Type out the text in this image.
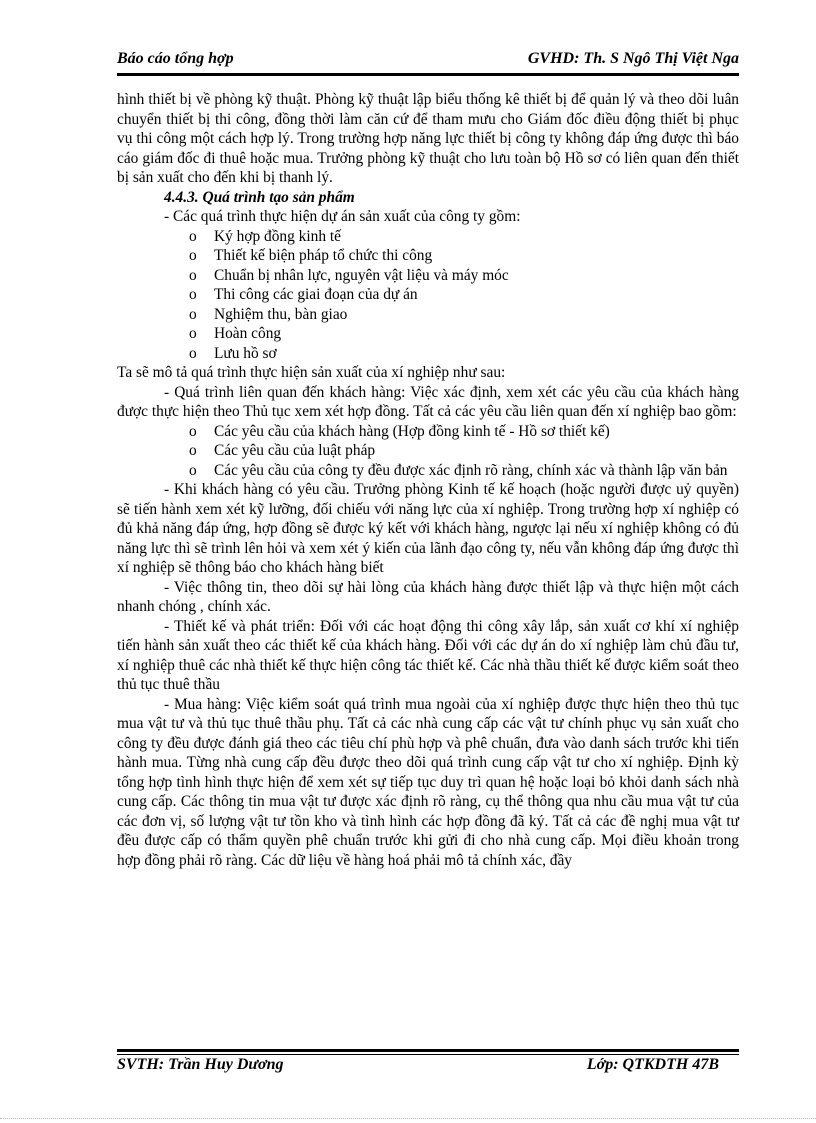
Báo cáo tổng hợp	GVHD: Th. S Ngô Thị Việt Nga

hình thiết bị về phòng kỹ thuật. Phòng kỹ thuật lập biểu thống kê thiết bị để quản lý và theo dõi luân chuyển thiết bị thi công, đồng thời làm căn cứ để tham mưu cho Giám đốc điều động thiết bị phục vụ thi công một cách hợp lý. Trong trường hợp năng lực thiết bị công ty không đáp ứng được thì báo cáo giám đốc đi thuê hoặc mua. Trưởng phòng kỹ thuật cho lưu toàn bộ Hồ sơ có liên quan đến thiết bị sản xuất cho đến khi bị thanh lý.

4.4.3. Quá trình tạo sản phẩm

- Các quá trình thực hiện dự án sản xuất của công ty gồm:

o Ký hợp đồng kinh tế
o Thiết kế biện pháp tổ chức thi công
o Chuẩn bị nhân lực, nguyên vật liệu và máy móc
o Thi công các giai đoạn của dự án
o Nghiệm thu, bàn giao
o Hoàn công
o Lưu hồ sơ

Ta sẽ mô tả quá trình thực hiện sản xuất của xí nghiệp như sau:

- Quá trình liên quan đến khách hàng: Việc xác định, xem xét các yêu cầu của khách hàng được thực hiện theo Thủ tục xem xét hợp đồng. Tất cả các yêu cầu liên quan đến xí nghiệp bao gồm:

o Các yêu cầu của khách hàng (Hợp đồng kinh tế - Hồ sơ thiết kế)
o Các yêu cầu của luật pháp
o Các yêu cầu của công ty đều được xác định rõ ràng, chính xác và thành lập văn bản

- Khi khách hàng có yêu cầu. Trưởng phòng Kinh tế kế hoạch (hoặc người được uỷ quyền) sẽ tiến hành xem xét kỹ lưỡng, đối chiếu với năng lực của xí nghiệp. Trong trường hợp xí nghiệp có đủ khả năng đáp ứng, hợp đồng sẽ được ký kết với khách hàng, ngược lại nếu xí nghiệp không có đủ năng lực thì sẽ trình lên hỏi và xem xét ý kiến của lãnh đạo công ty, nếu vẫn không đáp ứng được thì xí nghiệp sẽ thông báo cho khách hàng biết

- Việc thông tin, theo dõi sự hài lòng của khách hàng được thiết lập và thực hiện một cách nhanh chóng , chính xác.

- Thiết kế và phát triển: Đối với các hoạt động thi công xây lắp, sản xuất cơ khí xí nghiệp tiến hành sản xuất theo các thiết kế của khách hàng. Đối với các dự án do xí nghiệp làm chủ đầu tư, xí nghiệp thuê các nhà thiết kế thực hiện công tác thiết kế. Các nhà thầu thiết kế được kiểm soát theo thủ tục thuê thầu

- Mua hàng: Việc kiểm soát quá trình mua ngoài của xí nghiệp được thực hiện theo thủ tục mua vật tư và thủ tục thuê thầu phụ. Tất cả các nhà cung cấp các vật tư chính phục vụ sản xuất cho công ty đều được đánh giá theo các tiêu chí phù hợp và phê chuẩn, đưa vào danh sách trước khi tiến hành mua. Từng nhà cung cấp đều được theo dõi quá trình cung cấp vật tư cho xí nghiệp. Định kỳ tổng hợp tình hình thực hiện để xem xét sự tiếp tục duy trì quan hệ hoặc loại bỏ khỏi danh sách nhà cung cấp. Các thông tin mua vật tư được xác định rõ ràng, cụ thể thông qua nhu cầu mua vật tư của các đơn vị, số lượng vật tư tồn kho và tình hình các hợp đồng đã ký. Tất cả các đề nghị mua vật tư đều được cấp có thẩm quyền phê chuẩn trước khi gửi đi cho nhà cung cấp. Mọi điều khoản trong hợp đồng phải rõ ràng. Các dữ liệu về hàng hoá phải mô tả chính xác, đầy

SVTH: Trần Huy Dương	Lớp: QTKDTH 47B
